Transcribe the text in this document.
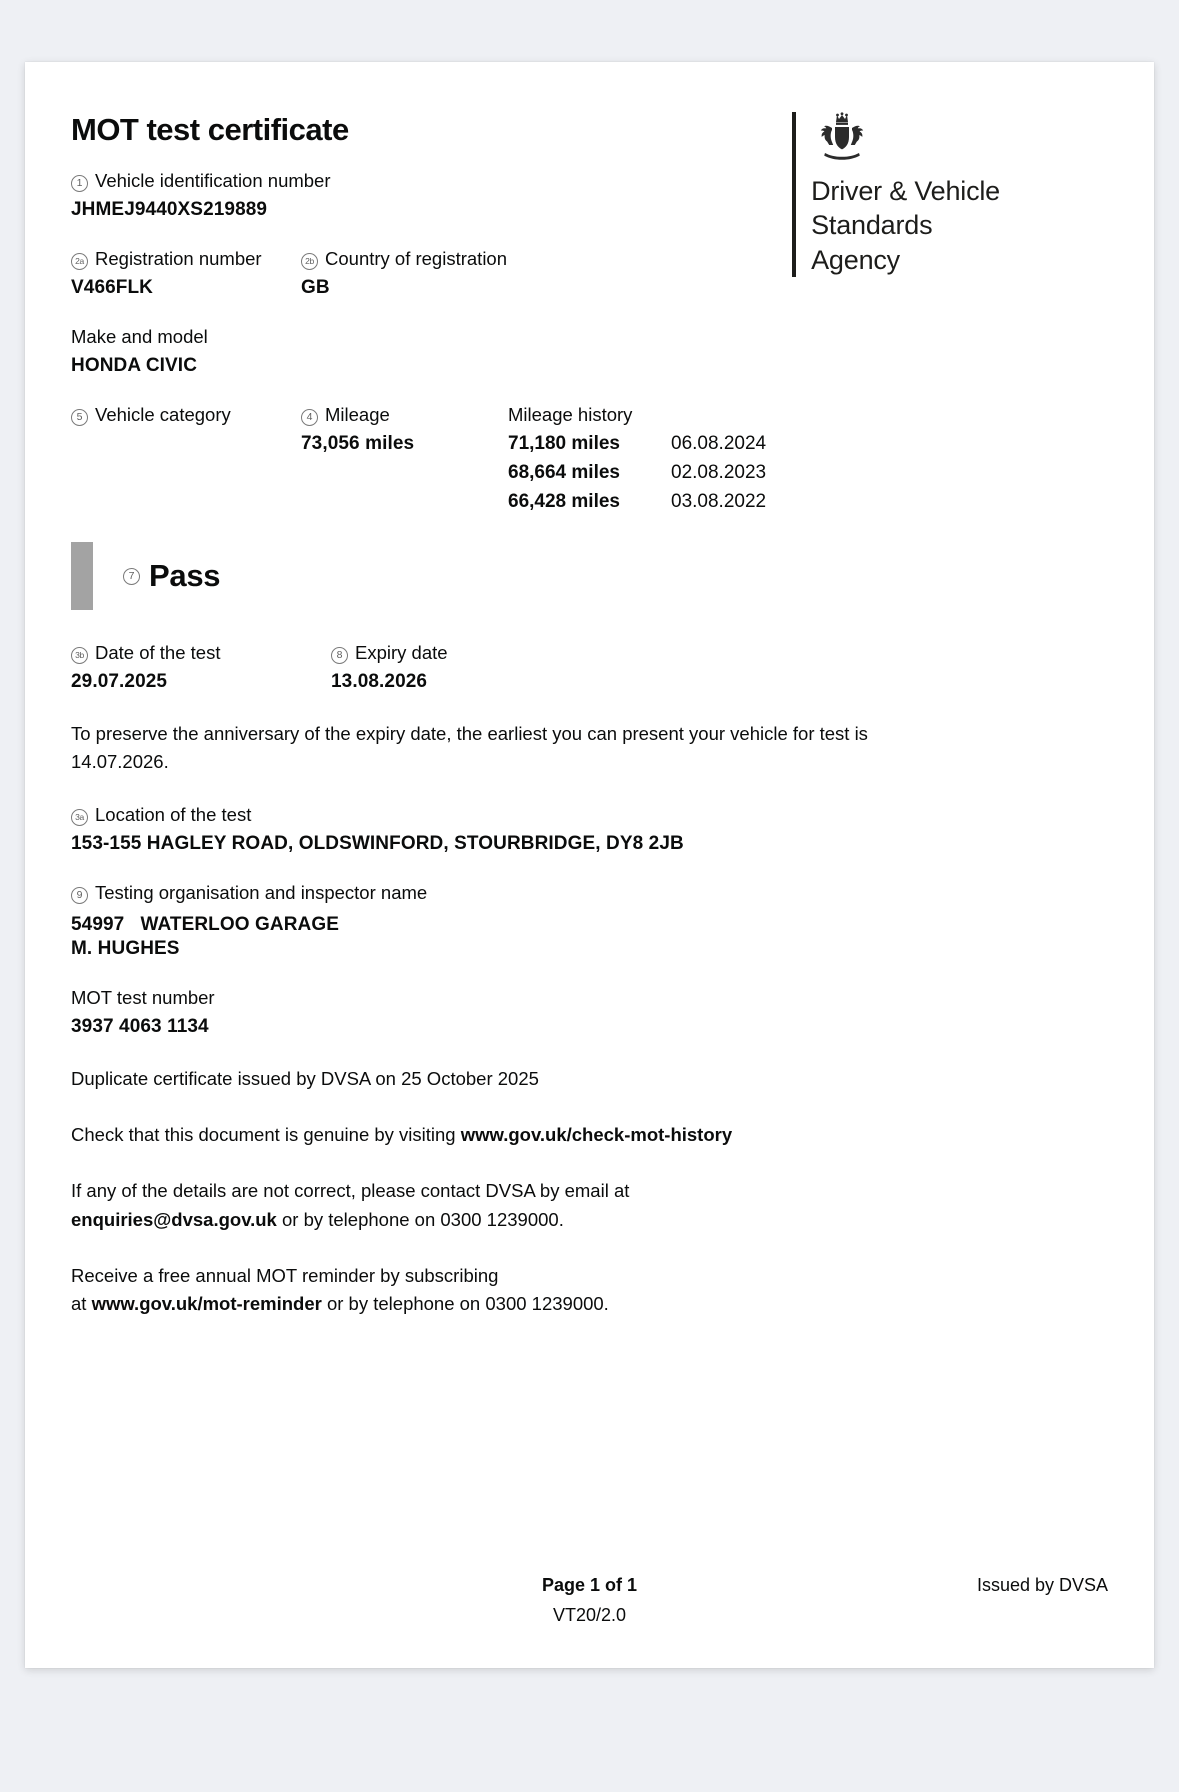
MOT test certificate
1 Vehicle identification number
JHMEJ9440XS219889
2a Registration number
V466FLK
2b Country of registration
GB
Make and model
HONDA CIVIC
Driver & Vehicle
Standards
Agency
5 Vehicle category	4 Mileage
73,056 miles
Mileage history
71,180 miles	06.08.2024
68,664 miles	02.08.2023
66,428 miles	03.08.2022
7 Pass
3b Date of the test
29.07.2025
8 Expiry date
13.08.2026

To preserve the anniversary of the expiry date, the earliest you can present your vehicle for test is 14.07.2026.

3a Location of the test
153-155 HAGLEY ROAD, OLDSWINFORD, STOURBRIDGE, DY8 2JB
9 Testing organisation and inspector name
54997   WATERLOO GARAGE
M. HUGHES
MOT test number
3937 4063 1134

Duplicate certificate issued by DVSA on 25 October 2025

Check that this document is genuine by visiting www.gov.uk/check-mot-history

If any of the details are not correct, please contact DVSA by email at
enquiries@dvsa.gov.uk or by telephone on 0300 1239000.
Receive a free annual MOT reminder by subscribing
at www.gov.uk/mot-reminder or by telephone on 0300 1239000.
Page 1 of 1
VT20/2.0
Issued by DVSA
